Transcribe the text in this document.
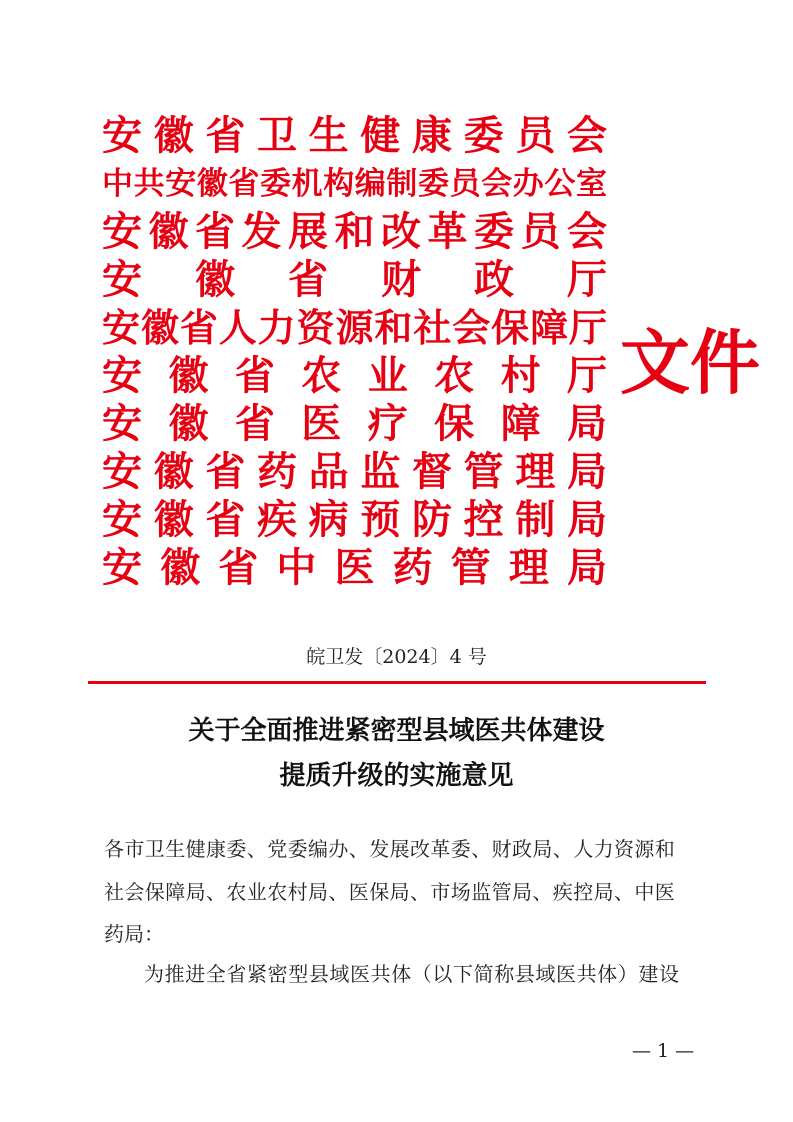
安徽省卫生健康委员会
中共安徽省委机构编制委员会办公室
安徽省发展和改革委员会
安徽省财政厅
安徽省人力资源和社会保障厅
安徽省农业农村厅
安徽省医疗保障局
安徽省药品监督管理局
安徽省疾病预防控制局
安徽省中医药管理局
文件
皖卫发〔2024〕4 号
关于全面推进紧密型县域医共体建设
提质升级的实施意见
各市卫生健康委、党委编办、发展改革委、财政局、人力资源和
社会保障局、农业农村局、医保局、市场监管局、疾控局、中医
药局：
为推进全省紧密型县域医共体（以下简称县域医共体）建设
— 1 —
